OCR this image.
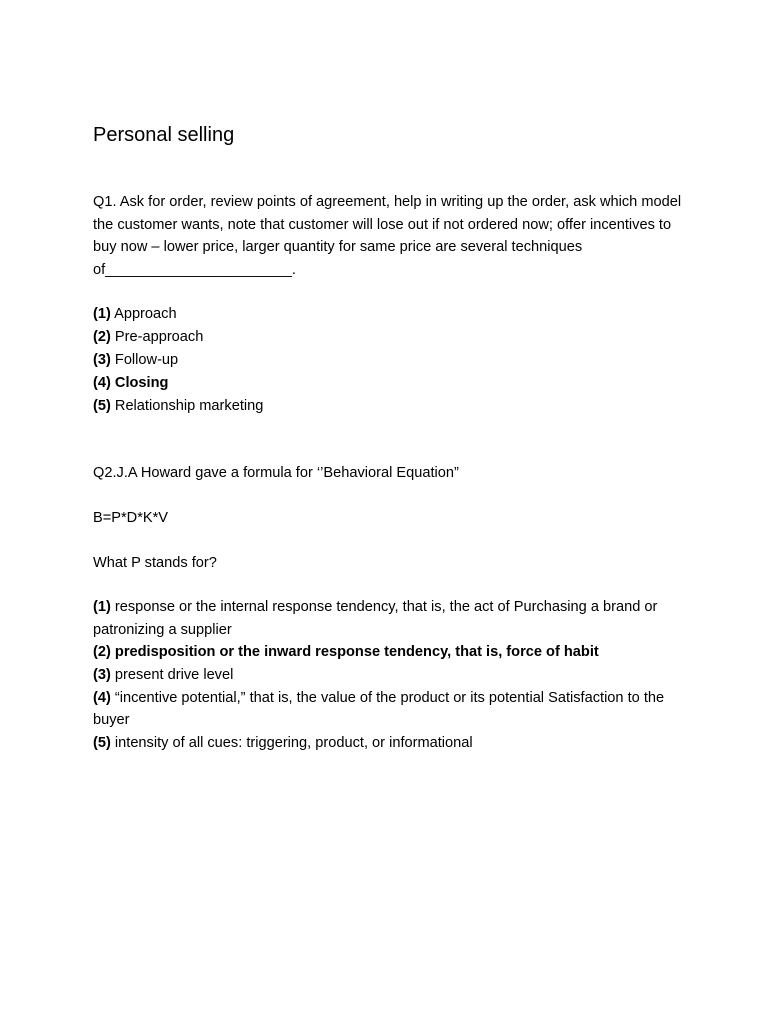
Personal selling
Q1. Ask for order, review points of agreement, help in writing up the order, ask which model the customer wants, note that customer will lose out if not ordered now; offer incentives to buy now – lower price, larger quantity for same price are several techniques of_______________________.
(1) Approach
(2) Pre-approach
(3) Follow-up
(4) Closing
(5) Relationship marketing
Q2.J.A Howard gave a formula for ‘’Behavioral Equation”
B=P*D*K*V
What P stands for?
(1) response or the internal response tendency, that is, the act of Purchasing a brand or patronizing a supplier
(2) predisposition or the inward response tendency, that is, force of habit
(3) present drive level
(4) “incentive potential,” that is, the value of the product or its potential Satisfaction to the buyer
(5) intensity of all cues: triggering, product, or informational
